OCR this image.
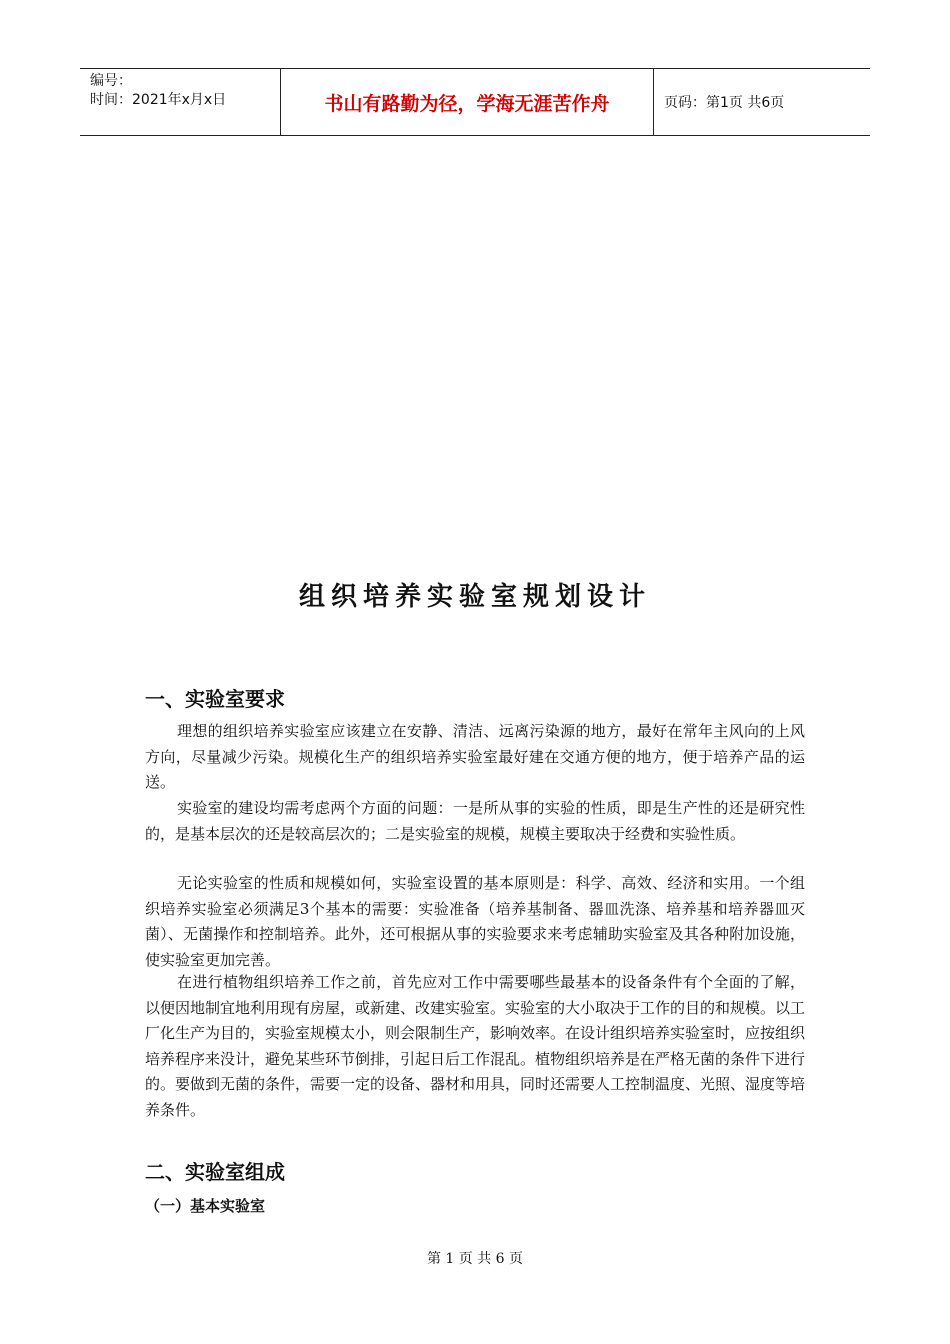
编号：
时间：2021年x月x日	书山有路勤为径，学海无涯苦作舟	页码：第1页 共6页
组织培养实验室规划设计
一、实验室要求

理想的组织培养实验室应该建立在安静、清洁、远离污染源的地方，最好在常年主风向的上风方向，尽量减少污染。规模化生产的组织培养实验室最好建在交通方便的地方，便于培养产品的运送。

实验室的建设均需考虑两个方面的问题：一是所从事的实验的性质，即是生产性的还是研究性的，是基本层次的还是较高层次的；二是实验室的规模，规模主要取决于经费和实验性质。

无论实验室的性质和规模如何，实验室设置的基本原则是：科学、高效、经济和实用。一个组织培养实验室必须满足3个基本的需要：实验准备（培养基制备、器皿洗涤、培养基和培养器皿灭菌）、无菌操作和控制培养。此外，还可根据从事的实验要求来考虑辅助实验室及其各种附加设施，使实验室更加完善。

在进行植物组织培养工作之前，首先应对工作中需要哪些最基本的设备条件有个全面的了解，以便因地制宜地利用现有房屋，或新建、改建实验室。实验室的大小取决于工作的目的和规模。以工厂化生产为目的，实验室规模太小，则会限制生产，影响效率。在设计组织培养实验室时，应按组织培养程序来没计，避免某些环节倒排，引起日后工作混乱。植物组织培养是在严格无菌的条件下进行的。要做到无菌的条件，需要一定的设备、器材和用具，同时还需要人工控制温度、光照、湿度等培养条件。

二、实验室组成
（一）基本实验室
第 1 页 共 6 页
